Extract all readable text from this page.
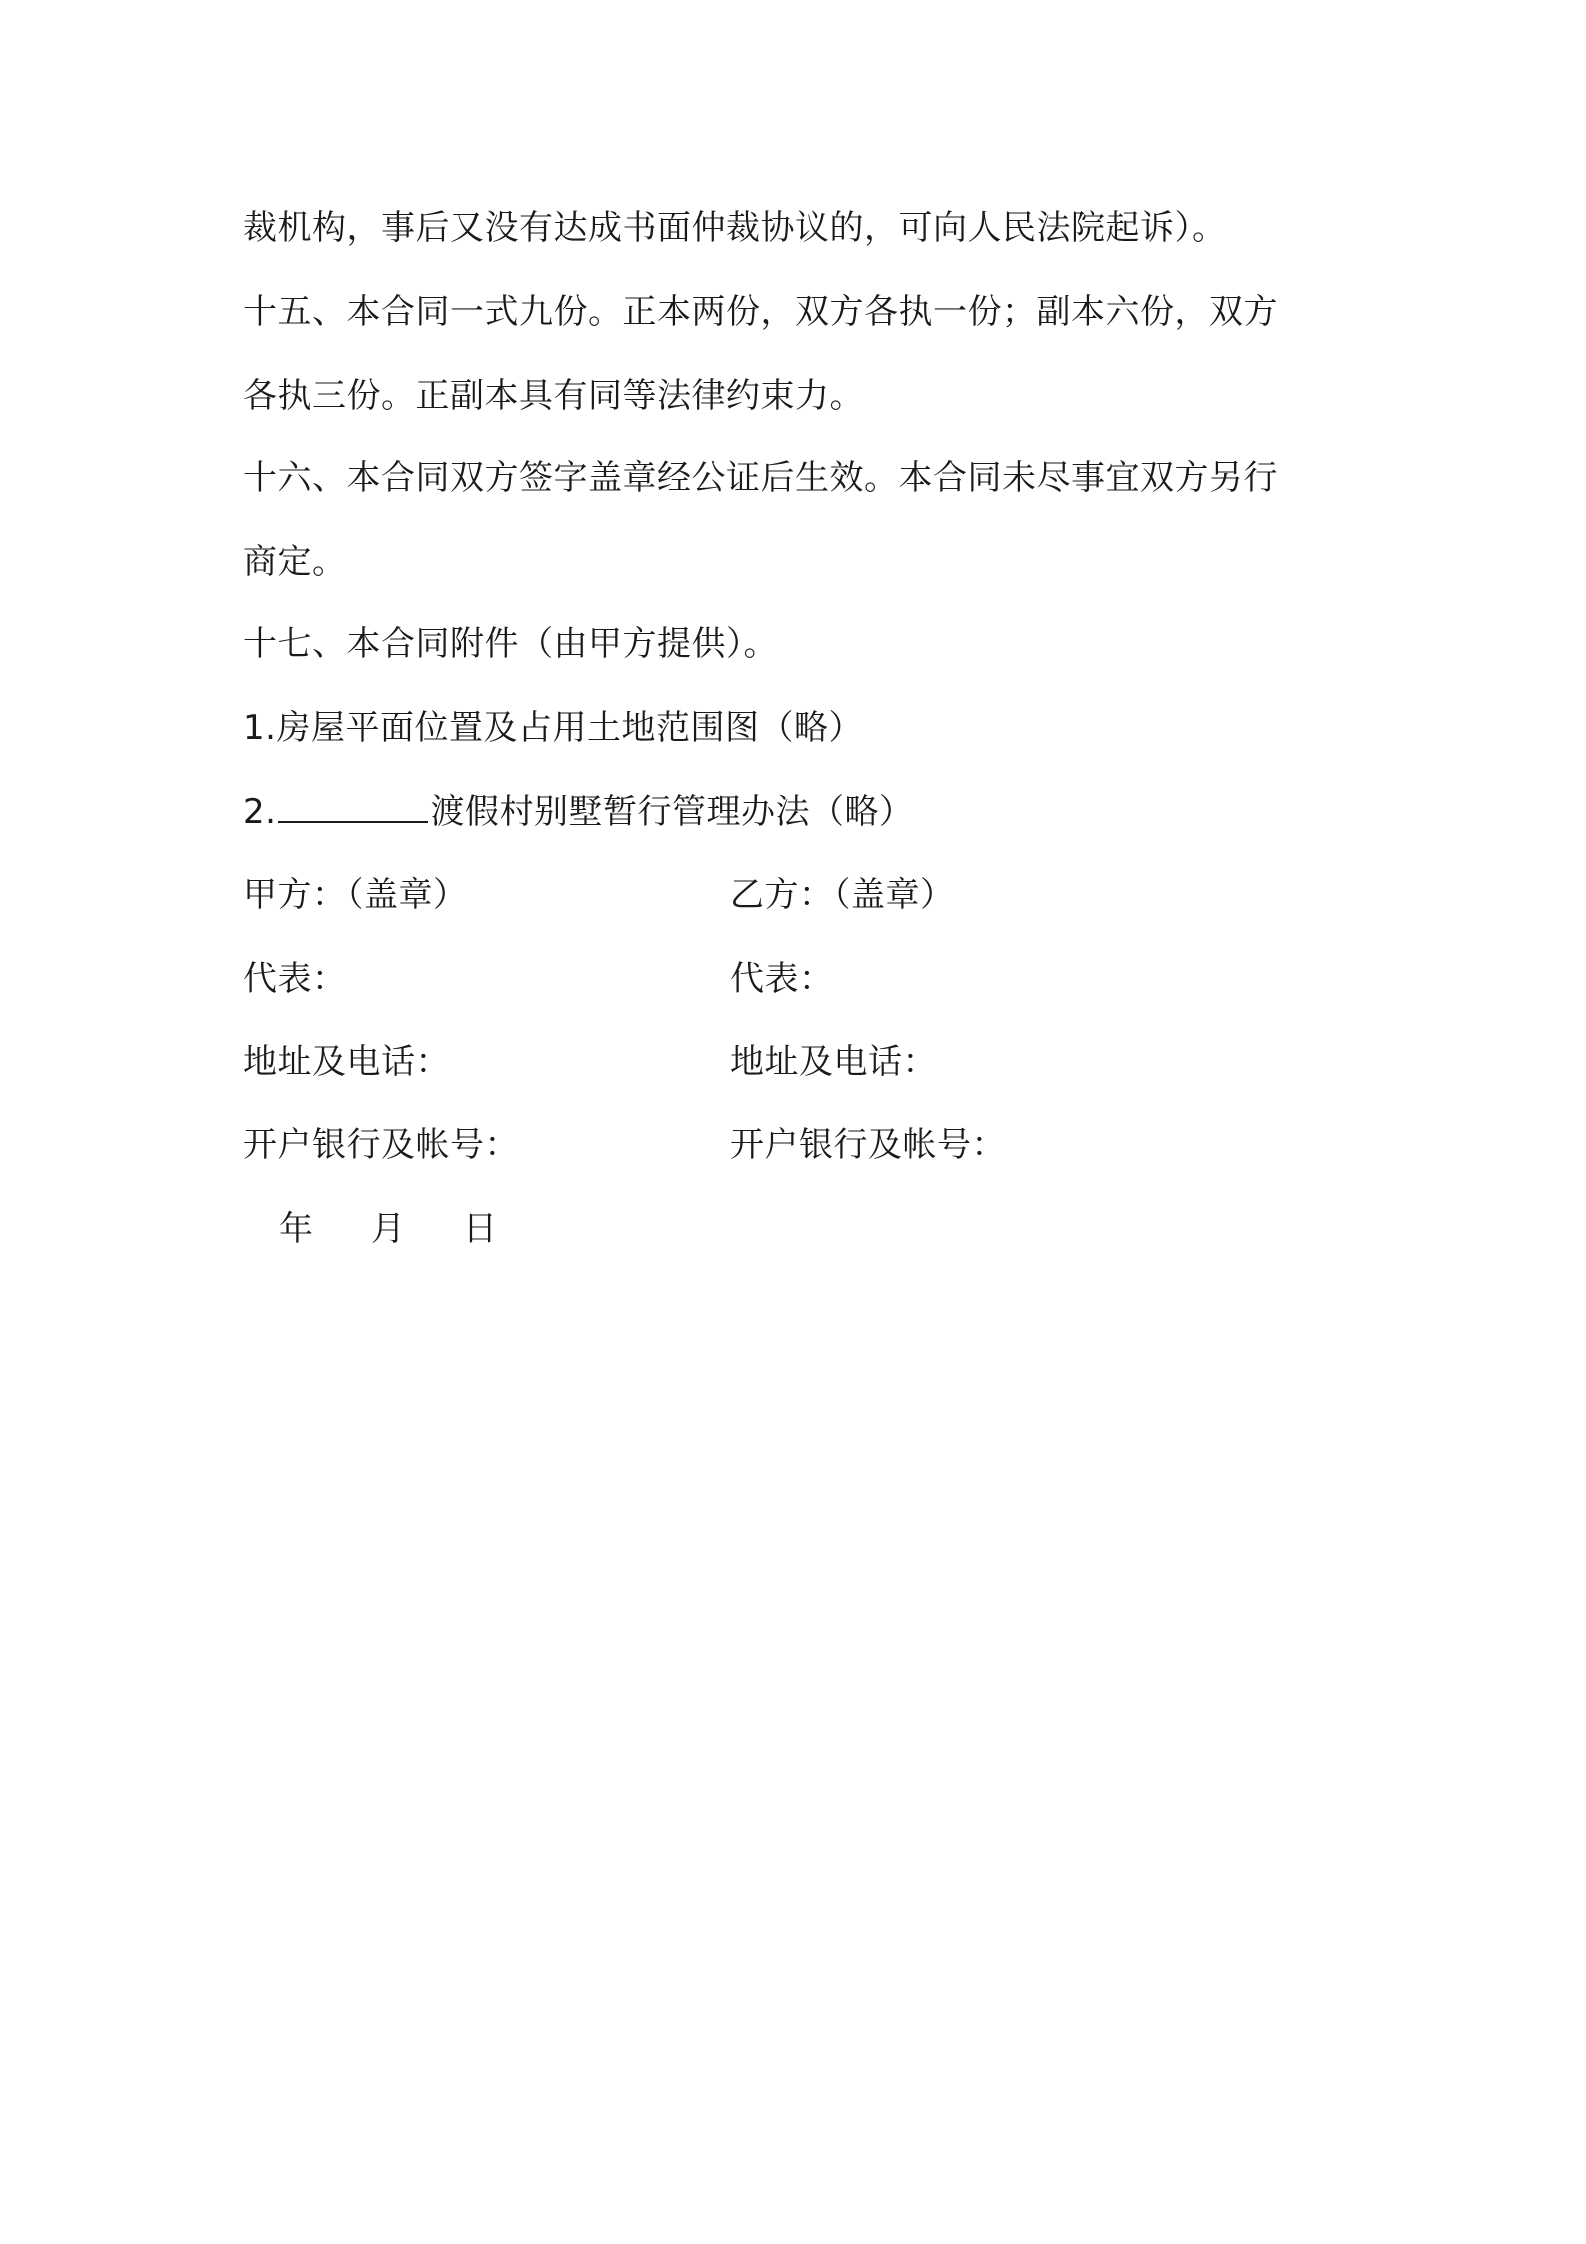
裁机构，事后又没有达成书面仲裁协议的，可向人民法院起诉）。
十五、本合同一式九份。正本两份，双方各执一份；副本六份，双方
各执三份。正副本具有同等法律约束力。
十六、本合同双方签字盖章经公证后生效。本合同未尽事宜双方另行
商定。
十七、本合同附件（由甲方提供）。
1.房屋平面位置及占用土地范围图（略）
2.	渡假村别墅暂行管理办法（略）
甲方：（盖章）	乙方：（盖章）
代表：	代表：
地址及电话：	地址及电话：
开户银行及帐号：	开户银行及帐号：
年 月 日
